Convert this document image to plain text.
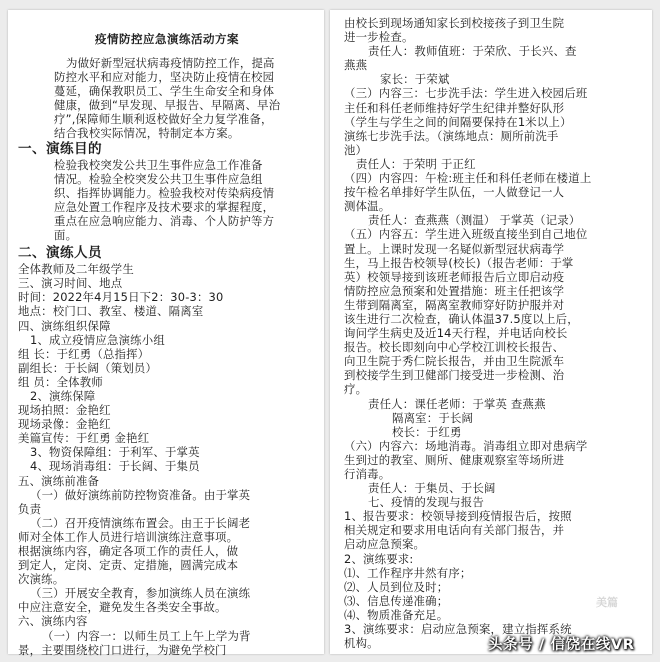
疫情防控应急演练活动方案
为做好新型冠状病毒疫情防控工作，提高
防控水平和应对能力，坚决防止疫情在校园
蔓延，确保教职员工、学生生命安全和身体
健康，做到“早发现、早报告、早隔离、早治
疗”,保障师生顺利返校做好全力复学准备，
结合我校实际情况，特制定本方案。
一、演练目的
检验我校突发公共卫生事件应急工作准备
情况。检验全校突发公共卫生事件应急组
织、指挥协调能力。检验我校对传染病疫情
应急处置工作程序及技术要求的掌握程度，
重点在应急响应能力、消毒、个人防护等方
面。
二、演练人员
全体教师及二年级学生
三、演习时间、地点
时间：2022年4月15日下2：30-3：30
地点：校门口、教室、楼道、隔离室
四、演练组织保障
1、成立疫情应急演练小组
组 长：于红勇（总指挥）
副组长：于长阔（策划员）
组 员：全体教师
2、演练保障
现场拍照：金艳红
现场录像：金艳红
美篇宣传：于红勇 金艳红
3、物资保障组：于利军、于掌英
4、现场消毒组：于长阔、于集员
五、演练前准备
（一）做好演练前防控物资准备。由于掌英
负责
（二）召开疫情演练布置会。由王于长阔老
师对全体工作人员进行培训演练注意事项。
根据演练内容，确定各项工作的责任人，做
到定人，定岗、定责、定措施，圆满完成本
次演练。
（三）开展安全教育，参加演练人员在演练
中应注意安全，避免发生各类安全事故。
六、演练内容
（一）内容一：以师生员工上午上学为背
景，主要围绕校门口进行，为避免学校门
由校长到现场通知家长到校接孩子到卫生院
进一步检查。
责任人：教师值班：于荣欣、于长兴、查
燕燕
家长：于荣斌
（三）内容三：七步洗手法：学生进入校园后班
主任和科任老师维持好学生纪律并整好队形
（学生与学生之间的间隔要保持在1米以上）
演练七步洗手法。（演练地点：厕所前洗手
池）
责任人：于荣明 于正红
（四）内容四：午检:班主任和科任老师在楼道上
按午检名单排好学生队伍，一人做登记一人
测体温。
责任人：查燕燕（测温） 于掌英（记录）
（五）内容五：学生进入班级直接坐到自己地位
置上。上课时发现一名疑似新型冠状病毒学
生，马上报告校领导(校长)（报告老师：于掌
英）校领导接到该班老师报告后立即启动疫
情防控应急预案和处置措施：班主任把该学
生带到隔离室，隔离室教师穿好防护服并对
该生进行二次检查，确认体温37.5度以上后，
询问学生病史及近14天行程，并电话向校长
报告。校长即刻向中心学校江训校长报告、
向卫生院于秀仁院长报告，并由卫生院派车
到校接学生到卫健部门接受进一步检测、治
疗。
责任人：课任老师：于掌英 查燕燕
隔离室：于长阔
校长：于红勇
（六）内容六：场地消毒。消毒组立即对患病学
生到过的教室、厕所、健康观察室等场所进
行消毒。
责任人：于集员、于长阔
七、疫情的发现与报告
1、报告要求：校领导接到疫情报告后，按照
相关规定和要求用电话向有关部门报告，并
启动应急预案。
2、演练要求:
⑴、工作程序井然有序；
⑵、人员到位及时；
⑶、信息传递准确；
⑷、物质准备充足。
3、演练要求：启动应急预案，建立指挥系统
机构。
美篇
头条号 / 信饶在线VR
